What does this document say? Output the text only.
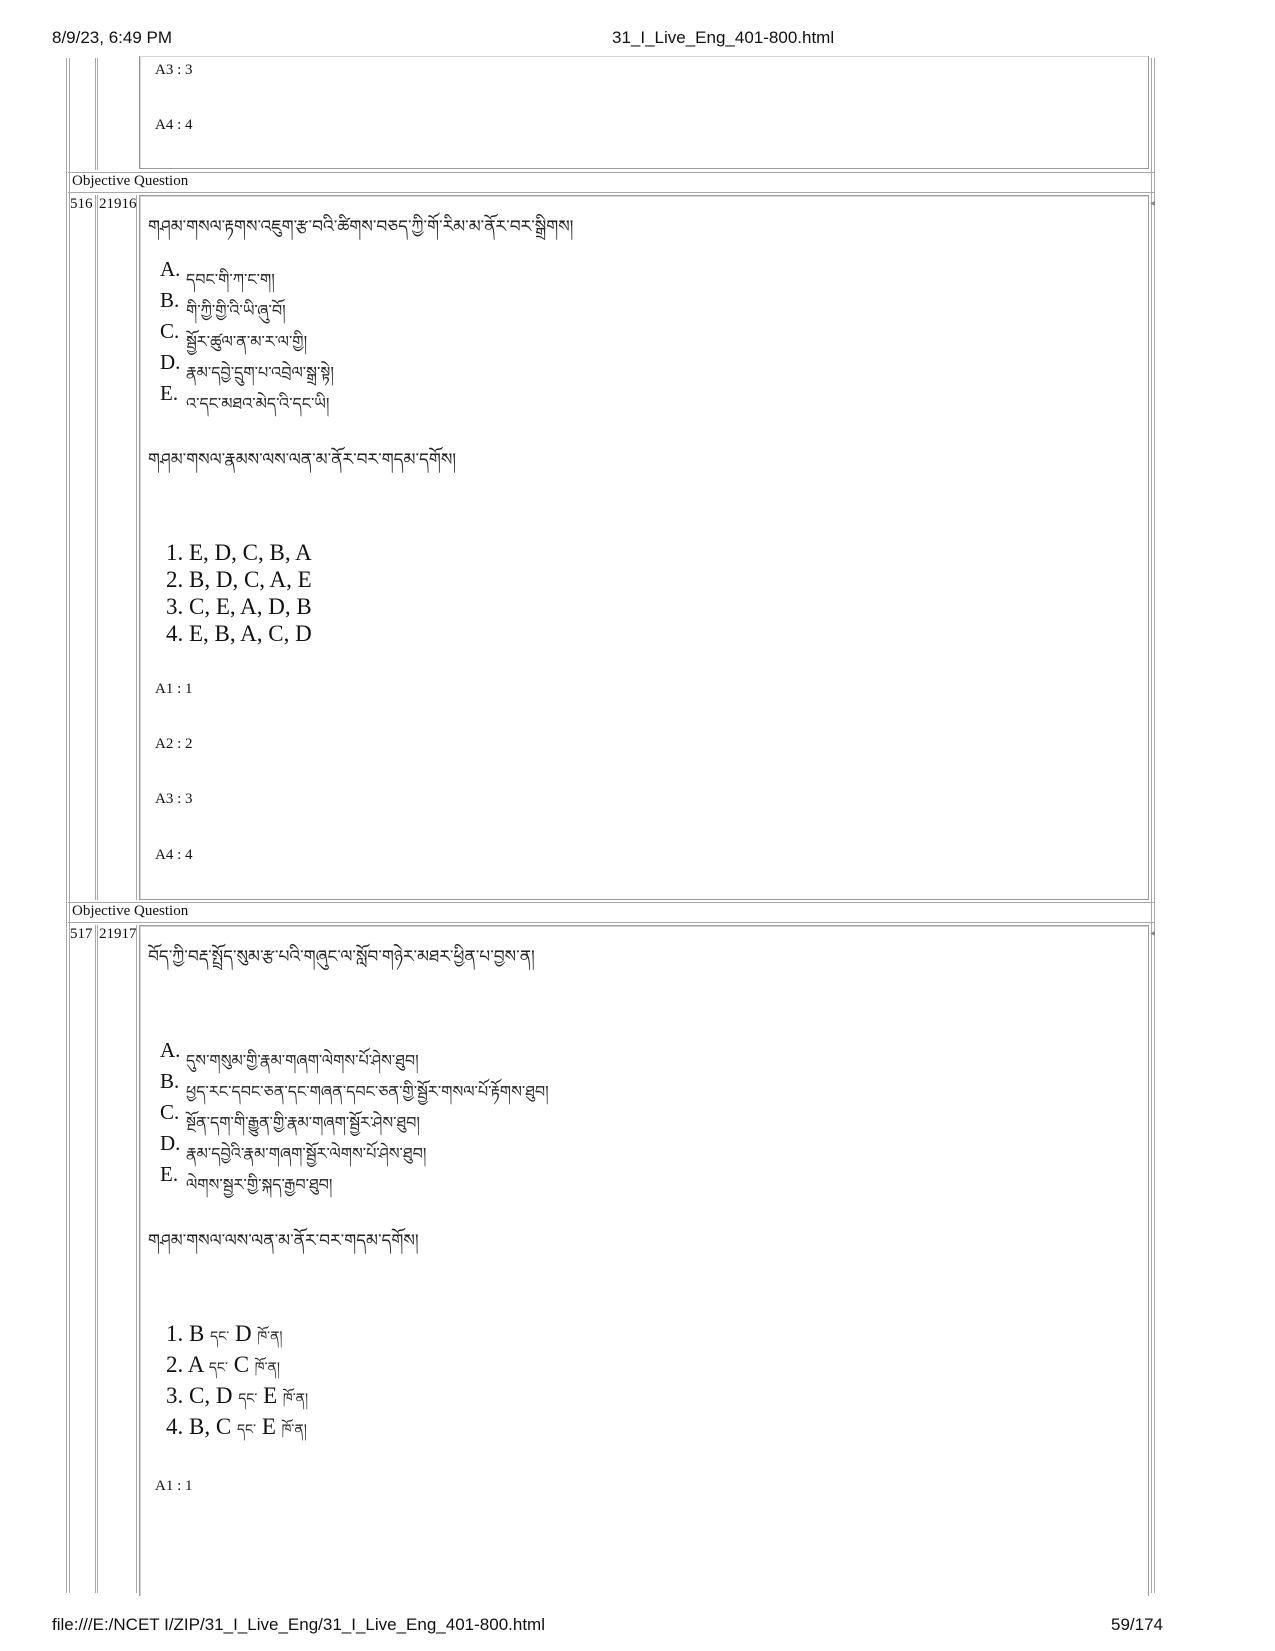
8/9/23, 6:49 PM	31_I_Live_Eng_401-800.html
A3 : 3
A4 : 4
Objective Question
516 21916	◂
གཤམ་གསལ་རྟགས་འཇུག་རྩ་བའི་ཚིགས་བཅད་ཀྱི་གོ་རིམ་མ་ནོར་བར་སྒྲིགས།
A. དབང་གི་ཀ་ང་ག།
B. གི་ཀྱི་གྱི་འི་ཡི་ཞུ་བོ།
C. སྦྱོར་ཚུལ་ན་མ་ར་ལ་གྱི།
D. རྣམ་དབྱེ་དྲུག་པ་འབྲེལ་སྒྲ་སྟེ།
E. འ་དང་མཐའ་མེད་འི་དང་ཡི།
གཤམ་གསལ་རྣམས་ལས་ལན་མ་ནོར་བར་གདམ་དགོས།
1. E, D, C, B, A
2. B, D, C, A, E
3. C, E, A, D, B
4. E, B, A, C, D
A1 : 1
A2 : 2
A3 : 3
A4 : 4
Objective Question
517 21917	◂
བོད་ཀྱི་བརྡ་སྤྲོད་སུམ་རྩ་པའི་གཞུང་ལ་སློབ་གཉེར་མཐར་ཕྱིན་པ་བྱས་ན།
A. དུས་གསུམ་གྱི་རྣམ་གཞག་ལེགས་པོ་ཤེས་ཐུབ།
B. ཕྱད་རང་དབང་ཅན་དང་གཞན་དབང་ཅན་གྱི་སྦྱོར་གསལ་པོ་རྟོགས་ཐུབ།
C. སྔོན་དག་གི་རྒྱུན་གྱི་རྣམ་གཞག་སྦྱོར་ཤེས་ཐུབ།
D. རྣམ་དབྱེའི་རྣམ་གཞག་སྦྱོར་ལེགས་པོ་ཤེས་ཐུབ།
E. ལེགས་སྦྱར་གྱི་སྐད་རྒྱབ་ཐུབ།
གཤམ་གསལ་ལས་ལན་མ་ནོར་བར་གདམ་དགོས།
1. B དང་ D ཁོ་ན།
2. A དང་ C ཁོ་ན།
3. C, D དང་ E ཁོ་ན།
4. B, C དང་ E ཁོ་ན།
A1 : 1
file:///E:/NCET I/ZIP/31_I_Live_Eng/31_I_Live_Eng_401-800.html	59/174
